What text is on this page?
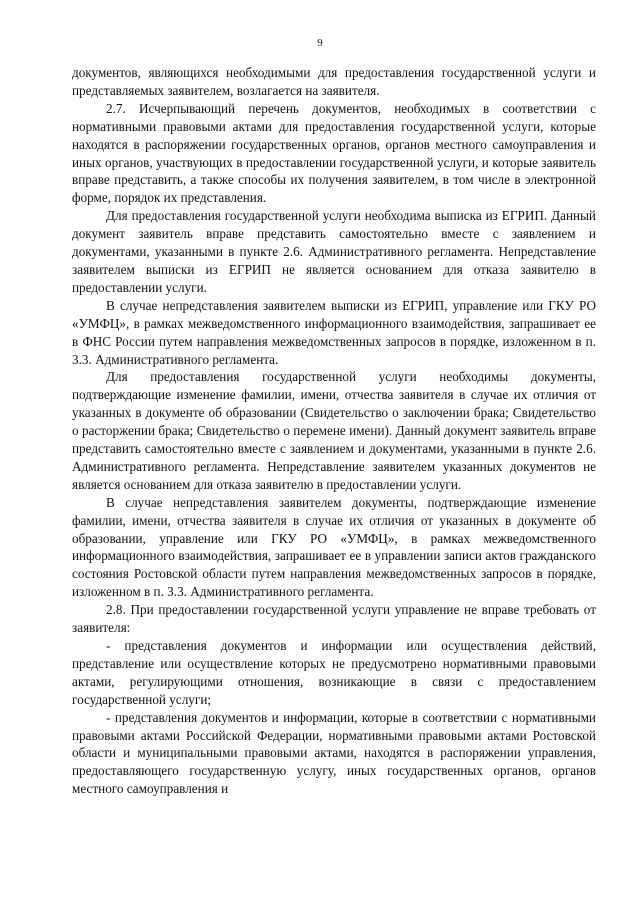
9

документов, являющихся необходимыми для предоставления государственной услуги и представляемых заявителем, возлагается на заявителя.

2.7. Исчерпывающий перечень документов, необходимых в соответствии с нормативными правовыми актами для предоставления государственной услуги, которые находятся в распоряжении государственных органов, органов местного самоуправления и иных органов, участвующих в предоставлении государственной услуги, и которые заявитель вправе представить, а также способы их получения заявителем, в том числе в электронной форме, порядок их представления.

Для предоставления государственной услуги необходима выписка из ЕГРИП. Данный документ заявитель вправе представить самостоятельно вместе с заявлением и документами, указанными в пункте 2.6. Административного регламента. Непредставление заявителем выписки из ЕГРИП не является основанием для отказа заявителю в предоставлении услуги.

В случае непредставления заявителем выписки из ЕГРИП, управление или ГКУ РО «УМФЦ», в рамках межведомственного информационного взаимодействия, запрашивает ее в ФНС России путем направления межведомственных запросов в порядке, изложенном в п. 3.3. Административного регламента.

Для предоставления государственной услуги необходимы документы, подтверждающие изменение фамилии, имени, отчества заявителя в случае их отличия от указанных в документе об образовании (Свидетельство о заключении брака; Свидетельство о расторжении брака; Свидетельство о перемене имени). Данный документ заявитель вправе представить самостоятельно вместе с заявлением и документами, указанными в пункте 2.6. Административного регламента. Непредставление заявителем указанных документов не является основанием для отказа заявителю в предоставлении услуги.

В случае непредставления заявителем документы, подтверждающие изменение фамилии, имени, отчества заявителя в случае их отличия от указанных в документе об образовании, управление или ГКУ РО «УМФЦ», в рамках межведомственного информационного взаимодействия, запрашивает ее в управлении записи актов гражданского состояния Ростовской области путем направления межведомственных запросов в порядке, изложенном в п. 3.3. Административного регламента.

2.8. При предоставлении государственной услуги управление не вправе требовать от заявителя:

- представления документов и информации или осуществления действий, представление или осуществление которых не предусмотрено нормативными правовыми актами, регулирующими отношения, возникающие в связи с предоставлением государственной услуги;

- представления документов и информации, которые в соответствии с нормативными правовыми актами Российской Федерации, нормативными правовыми актами Ростовской области и муниципальными правовыми актами, находятся в распоряжении управления, предоставляющего государственную услугу, иных государственных органов, органов местного самоуправления и
